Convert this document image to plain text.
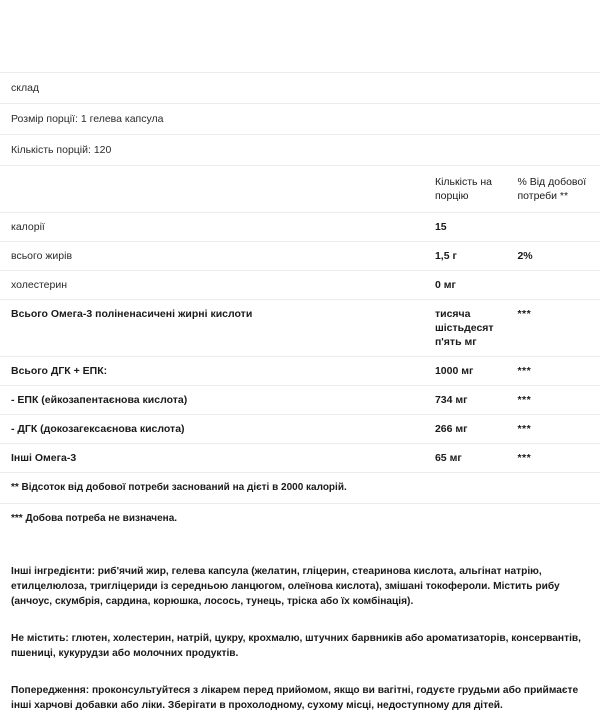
склад		
Розмір порції: 1 гелева капсула		
Кількість порцій: 120		
	Кількість на порцію	% Від добової потреби **
калорії	15	
всього жирів	1,5 г	2%
холестерин	0 мг	
Всього Омега-3 поліненасичені жирні кислоти	тисяча шістьдесят п'ять мг	***
Всього ДГК + ЕПК:	1000 мг	***
- ЕПК (ейкозапентаєнова кислота)	734 мг	***
- ДГК (докозагексаєнова кислота)	266 мг	***
Інші Омега-3	65 мг	***
** Відсоток від добової потреби заснований на дієті в 2000 калорій.		
*** Добова потреба не визначена.		

Інші інгредієнти: риб'ячий жир, гелева капсула (желатин, гліцерин, стеаринова кислота, альгінат натрію, етилцелюлоза, тригліцериди із середньою ланцюгом, олеїнова кислота), змішані токофероли. Містить рибу (анчоус, скумбрія, сардина, корюшка, лосось, тунець, тріска або їх комбінація).

Не містить: глютен, холестерин, натрій, цукру, крохмалю, штучних барвників або ароматизаторів, консервантів, пшениці, кукурудзи або молочних продуктів.

Попередження: проконсультуйтеся з лікарем перед прийомом, якщо ви вагітні, годуєте грудьми або приймаєте інші харчові добавки або ліки. Зберігати в прохолодному, сухому місці, недоступному для дітей.
